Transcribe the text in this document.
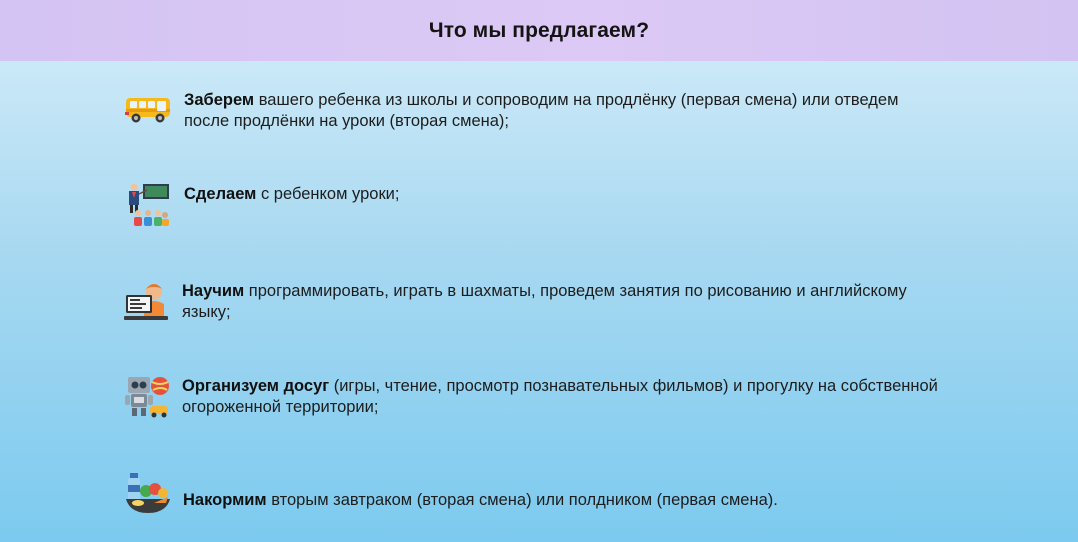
Что мы предлагаем?
Заберем вашего ребенка из школы и сопроводим на продлёнку (первая смена) или отведем после продлёнки на уроки (вторая смена);
Сделаем с ребенком уроки;
Научим программировать, играть в шахматы, проведем занятия по рисованию и английскому языку;
Организуем досуг (игры, чтение, просмотр познавательных фильмов) и прогулку на собственной огороженной территории;
Накормим вторым завтраком (вторая смена) или полдником (первая смена).
